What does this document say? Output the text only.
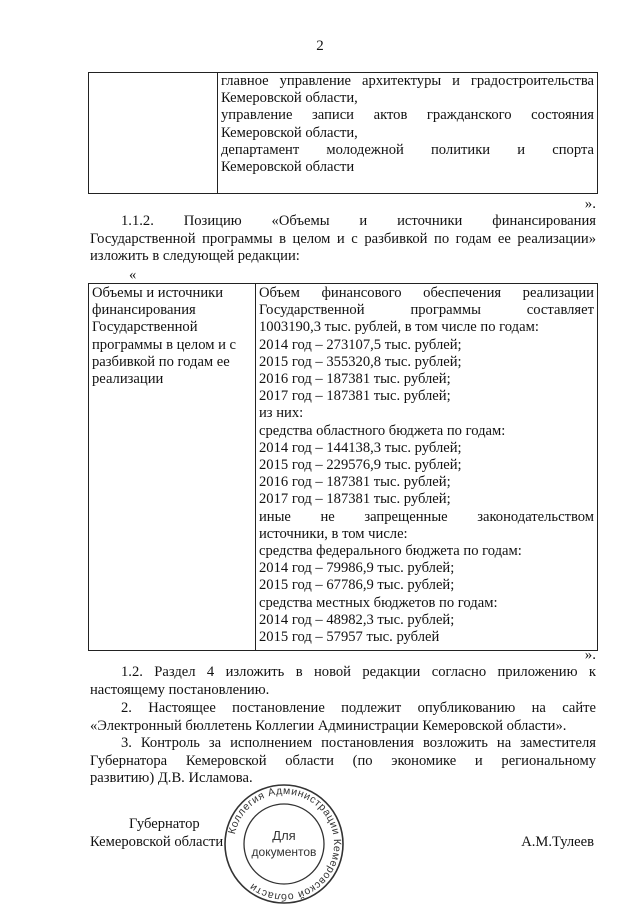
2

главное управление архитектуры и градостроительства
Кемеровской области,
управление записи актов гражданского состояния
Кемеровской области,
департамент молодежной политики и спорта
Кемеровской области
».
1.1.2. Позицию «Объемы и источники финансирования
Государственной программы в целом и с разбивкой по годам ее реализации»
изложить в следующей редакции:
«
Объемы и источники
финансирования
Государственной
программы в целом и с
разбивкой по годам ее
реализации

Объем финансового обеспечения реализации
Государственной программы составляет
1003190,3 тыс. рублей, в том числе по годам:
2014 год – 273107,5 тыс. рублей;
2015 год – 355320,8 тыс. рублей;
2016 год – 187381 тыс. рублей;
2017 год – 187381 тыс. рублей;
из них:
средства областного бюджета по годам:
2014 год – 144138,3 тыс. рублей;
2015 год – 229576,9 тыс. рублей;
2016 год – 187381 тыс. рублей;
2017 год – 187381 тыс. рублей;
иные не запрещенные законодательством
источники, в том числе:
средства федерального бюджета по годам:
2014 год – 79986,9 тыс. рублей;
2015 год – 67786,9 тыс. рублей;
средства местных бюджетов по годам:
2014 год – 48982,3 тыс. рублей;
2015 год – 57957 тыс. рублей
».
1.2. Раздел 4 изложить в новой редакции согласно приложению к
настоящему постановлению.
2. Настоящее постановление подлежит опубликованию на сайте
«Электронный бюллетень Коллегии Администрации Кемеровской области».
3. Контроль за исполнением постановления возложить на заместителя
Губернатора Кемеровской области (по экономике и региональному
развитию) Д.В. Исламова.
Губернатор
Кемеровской области	А.М.Тулеев
Коллегия Администрации Кемеровской области
Для
документов
